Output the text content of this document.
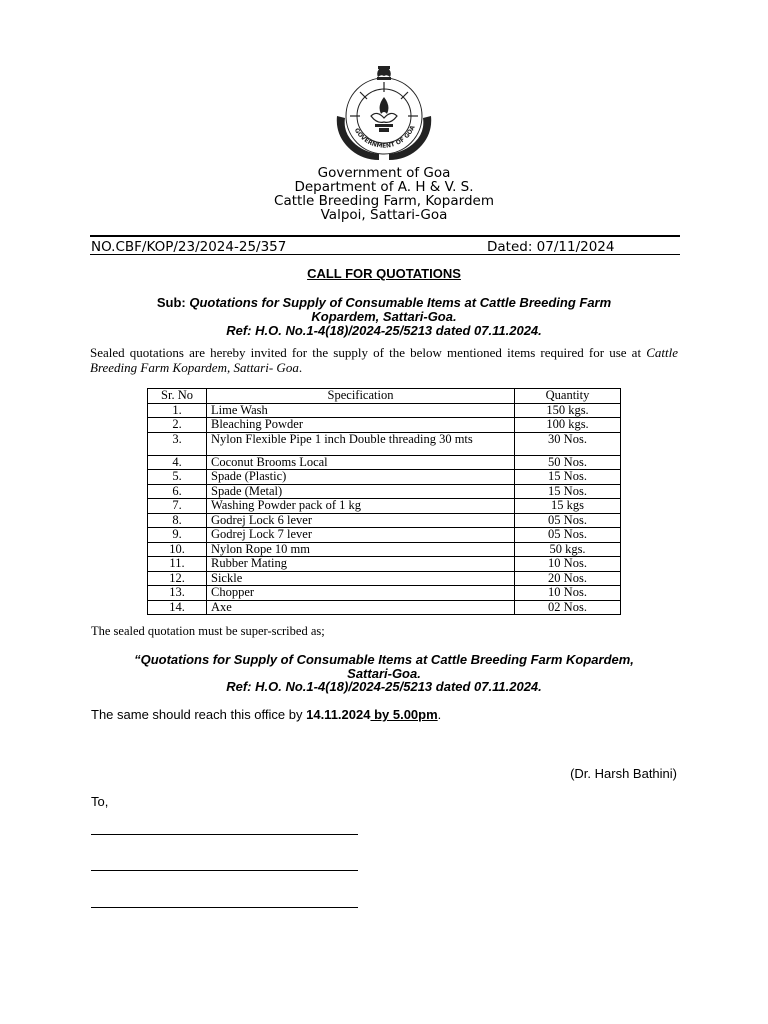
GOVERNMENT OF GOA
Government of Goa
Department of A. H & V. S.
Cattle Breeding Farm, Kopardem
Valpoi, Sattari-Goa
NO.CBF/KOP/23/2024-25/357	Dated: 07/11/2024
CALL FOR QUOTATIONS
Sub: Quotations for Supply of Consumable Items at Cattle Breeding Farm
Kopardem, Sattari-Goa.
Ref: H.O. No.1-4(18)/2024-25/5213 dated 07.11.2024.
Sealed quotations are hereby invited for the supply of the below mentioned items required for use at Cattle Breeding Farm Kopardem, Sattari- Goa.
Sr. No	Specification	Quantity
1.	Lime Wash	150 kgs.
2.	Bleaching Powder	100 kgs.
3.	Nylon Flexible Pipe 1 inch Double threading 30 mts	30 Nos.
4.	Coconut Brooms Local	50 Nos.
5.	Spade (Plastic)	15 Nos.
6.	Spade (Metal)	15 Nos.
7.	Washing Powder pack of 1 kg	15 kgs
8.	Godrej Lock 6 lever	05 Nos.
9.	Godrej Lock 7 lever	05 Nos.
10.	Nylon Rope 10 mm	50 kgs.
11.	Rubber Mating	10 Nos.
12.	Sickle	20 Nos.
13.	Chopper	10 Nos.
14.	Axe	02 Nos.
The sealed quotation must be super-scribed as;
“Quotations for Supply of Consumable Items at Cattle Breeding Farm Kopardem,
Sattari-Goa.
Ref: H.O. No.1-4(18)/2024-25/5213 dated 07.11.2024.
The same should reach this office by 14.11.2024 by 5.00pm.
(Dr. Harsh Bathini)
To,
